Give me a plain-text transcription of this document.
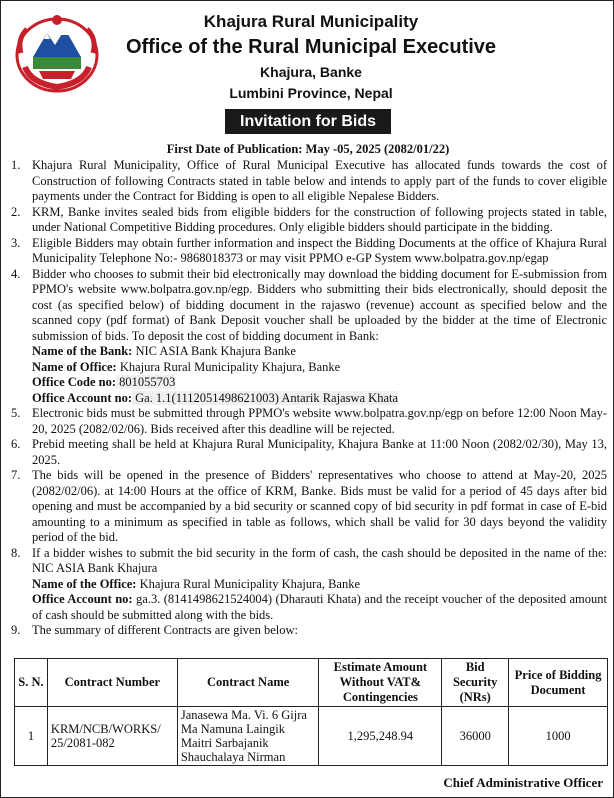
Khajura Rural Municipality
Office of the Rural Municipal Executive
Khajura, Banke
Lumbini Province, Nepal
Invitation for Bids
First Date of Publication: May -05, 2025 (2082/01/22)
1. Khajura Rural Municipality, Office of Rural Municipal Executive has allocated funds towards the cost of Construction of following Contracts stated in table below and intends to apply part of the funds to cover eligible payments under the Contract for Bidding is open to all eligible Nepalese Bidders.
2. KRM, Banke invites sealed bids from eligible bidders for the construction of following projects stated in table, under National Competitive Bidding procedures. Only eligible bidders should participate in the bidding.
3. Eligible Bidders may obtain further information and inspect the Bidding Documents at the office of Khajura Rural Municipality Telephone No:- 9868018373 or may visit PPMO e-GP System www.bolpatra.gov.np/egap
4. Bidder who chooses to submit their bid electronically may download the bidding document for E-submission from PPMO's website www.bolpatra.gov.np/egp. Bidders who submitting their bids electronically, should deposit the cost (as specified below) of bidding document in the rajaswo (revenue) account as specified below and the scanned copy (pdf format) of Bank Deposit voucher shall be uploaded by the bidder at the time of Electronic submission of bids. To deposit the cost of bidding document in Bank:
Name of the Bank: NIC ASIA Bank Khajura Banke
Name of Office: Khajura Rural Municipality Khajura, Banke
Office Code no: 801055703
Office Account no: Ga. 1.1(1112051498621003) Antarik Rajaswa Khata
5. Electronic bids must be submitted through PPMO's website www.bolpatra.gov.np/egp on before 12:00 Noon May-20, 2025 (2082/02/06). Bids received after this deadline will be rejected.
6. Prebid meeting shall be held at Khajura Rural Municipality, Khajura Banke at 11:00 Noon (2082/02/30), May 13, 2025.
7. The bids will be opened in the presence of Bidders' representatives who choose to attend at May-20, 2025 (2082/02/06). at 14:00 Hours at the office of KRM, Banke. Bids must be valid for a period of 45 days after bid opening and must be accompanied by a bid security or scanned copy of bid security in pdf format in case of E-bid amounting to a minimum as specified in table as follows, which shall be valid for 30 days beyond the validity period of the bid.
8. If a bidder wishes to submit the bid security in the form of cash, the cash should be deposited in the name of the: NIC ASIA Bank Khajura
Name of the Office: Khajura Rural Municipality Khajura, Banke
Office Account no: ga.3. (8141498621524004) (Dharauti Khata) and the receipt voucher of the deposited amount of cash should be submitted along with the bids.
9. The summary of different Contracts are given below:
S. N.	Contract Number	Contract Name	Estimate Amount Without VAT& Contingencies	Bid Security (NRs)	Price of Bidding Document
1	KRM/NCB/WORKS/ 25/2081-082	Janasewa Ma. Vi. 6 Gijra Ma Namuna Laingik Maitri Sarbajanik Shauchalaya Nirman	1,295,248.94	36000	1000
Chief Administrative Officer
